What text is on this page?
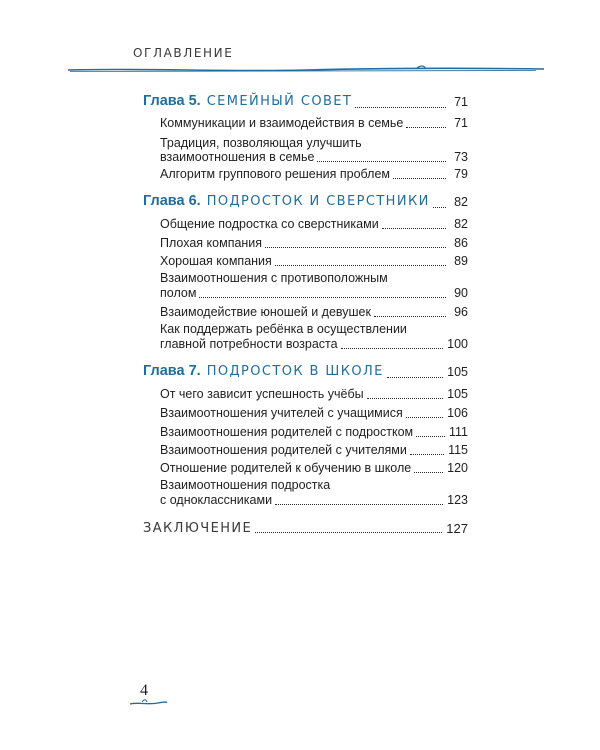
ОГЛАВЛЕНИЕ
Глава 5. СЕМЕЙНЫЙ СОВЕТ	71
Коммуникации и взаимодействия в семье	71
Традиция, позволяющая улучшить
взаимоотношения в семье	73
Алгоритм группового решения проблем	79
Глава 6. ПОДРОСТОК И СВЕРСТНИКИ	82
Общение подростка со сверстниками	82
Плохая компания	86
Хорошая компания	89
Взаимоотношения с противоположным
полом	90
Взаимодействие юношей и девушек	96
Как поддержать ребёнка в осуществлении
главной потребности возраста	100
Глава 7. ПОДРОСТОК В ШКОЛЕ	105
От чего зависит успешность учёбы	105
Взаимоотношения учителей с учащимися	106
Взаимоотношения родителей с подростком	111
Взаимоотношения родителей с учителями	115
Отношение родителей к обучению в школе	120
Взаимоотношения подростка
с одноклассниками	123
ЗАКЛЮЧЕНИЕ	127
4
